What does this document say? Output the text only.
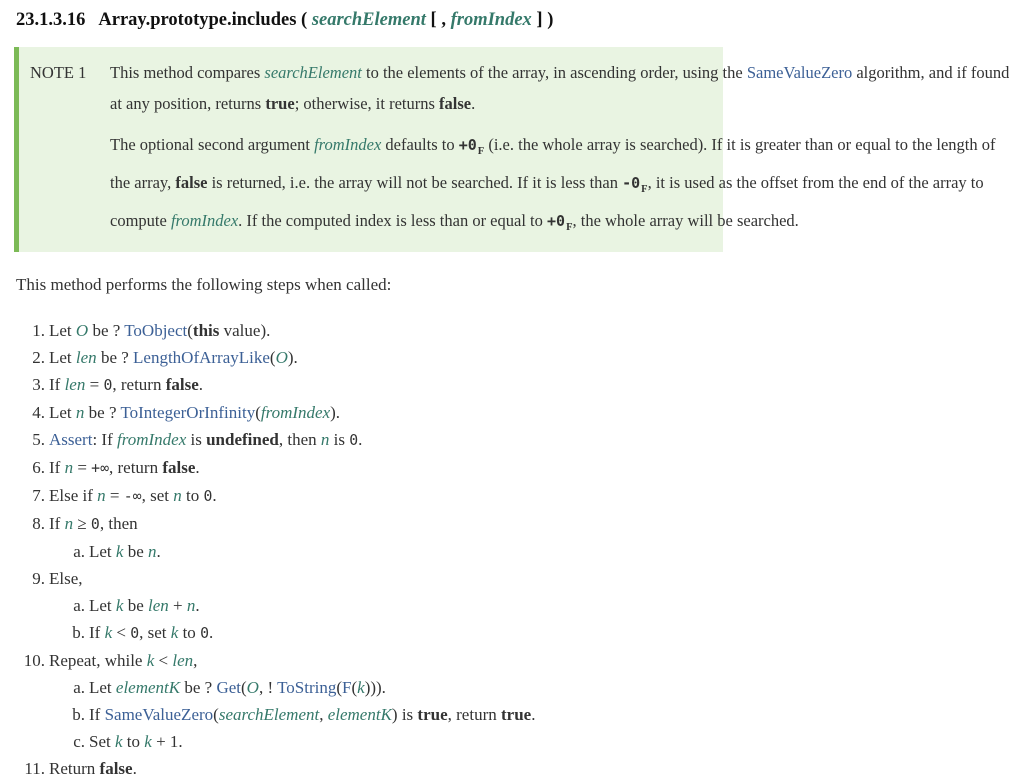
23.1.3.16 Array.prototype.includes ( searchElement [ , fromIndex ] )
NOTE 1	This method compares searchElement to the elements of the array, in ascending order, using the SameValueZero algorithm, and if found
at any position, returns true; otherwise, it returns false.
The optional second argument fromIndex defaults to $+0_F$ (i.e. the whole array is searched). If it is greater than or equal to the length of
the array, false is returned, i.e. the array will not be searched. If it is less than $-0_F$, it is used as the offset from the end of the array to
compute fromIndex. If the computed index is less than or equal to $+0_F$, the whole array will be searched.

This method performs the following steps when called:

1. Let O be ? ToObject(this value).
2. Let len be ? LengthOfArrayLike(O).
3. If len = 0, return false.
4. Let n be ? ToIntegerOrInfinity(fromIndex).
5. Assert: If fromIndex is undefined, then n is 0.
6. If n = +∞, return false.
7. Else if n = -∞, set n to 0.
8. If n ≥ 0, then
a. Let k be n.
9. Else,
a. Let k be len + n.
b. If k < 0, set k to 0.
10. Repeat, while k < len,
a. Let elementK be ? Get(O, ! ToString(F(k))).
b. If SameValueZero(searchElement, elementK) is true, return true.
c. Set k to k + 1.
11. Return false.
